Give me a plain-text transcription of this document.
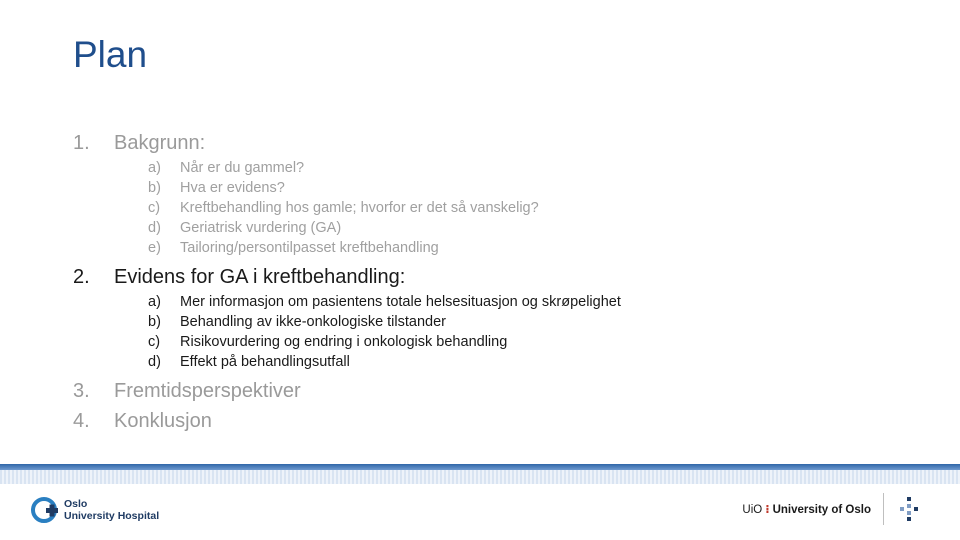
Plan
1.	Bakgrunn:
a)	Når er du gammel?
b)	Hva er evidens?
c)	Kreftbehandling hos gamle; hvorfor er det så vanskelig?
d)	Geriatrisk vurdering (GA)
e)	Tailoring/persontilpasset kreftbehandling
2.	Evidens for GA i kreftbehandling:
a)	Mer informasjon om pasientens totale helsesituasjon og skrøpelighet
b)	Behandling av ikke-onkologiske tilstander
c)	Risikovurdering og endring i onkologisk behandling
d)	Effekt på behandlingsutfall
3.	Fremtidsperspektiver
4.	Konklusjon
Oslo
University Hospital	UiO ⁝ University of Oslo
